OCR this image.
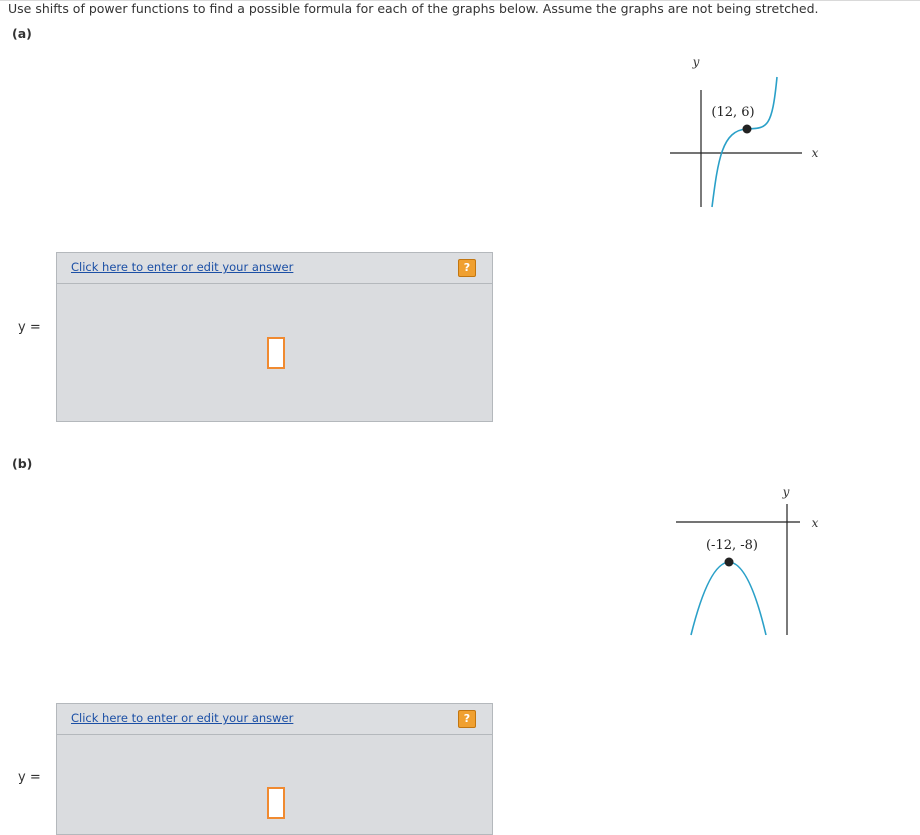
Use shifts of power functions to find a possible formula for each of the graphs below. Assume the graphs are not being stretched.
(a)
y
x
(12, 6)
Click here to enter or edit your answer	?
y =
(b)
y
x
(-12, -8)
Click here to enter or edit your answer	?
y =
